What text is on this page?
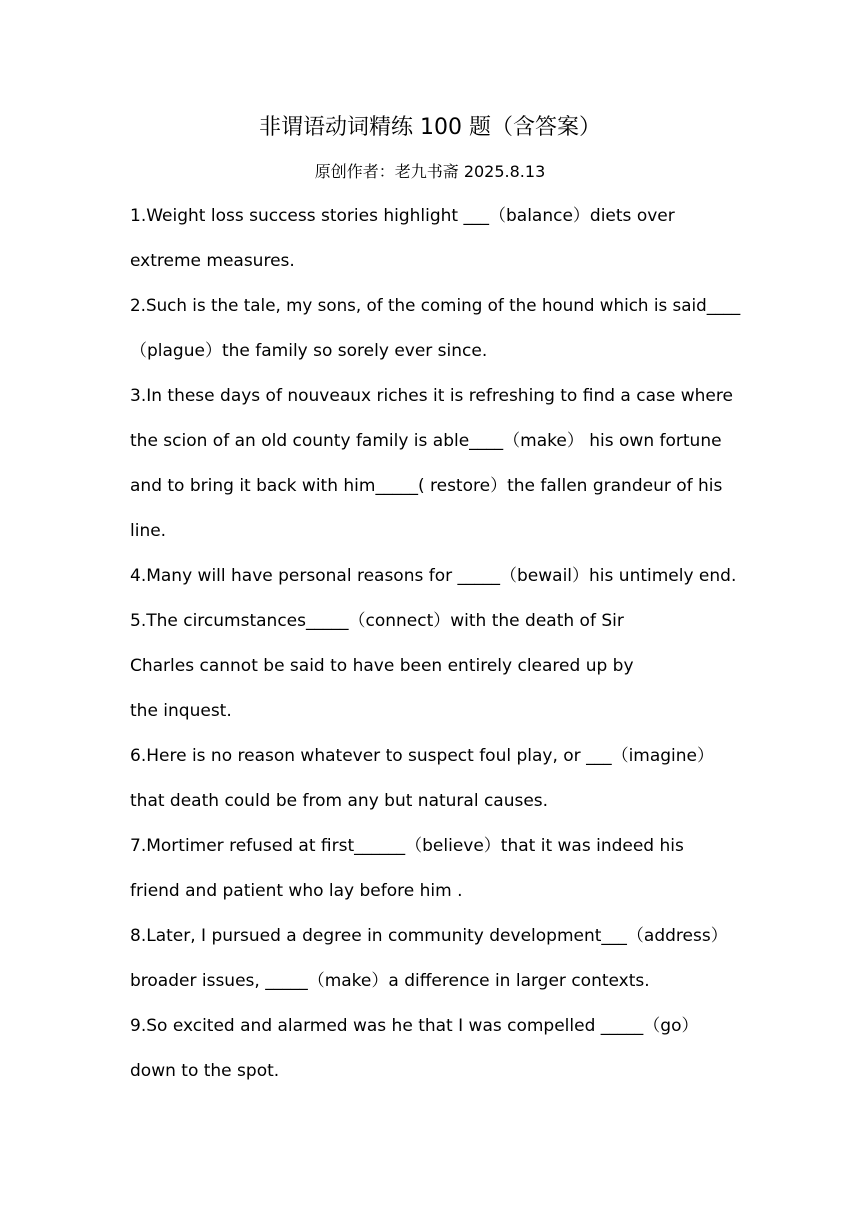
非谓语动词精练 100 题（含答案）
原创作者：老九书斋 2025.8.13
1.Weight loss success stories highlight ___（balance）diets over
extreme measures.
2.Such is the tale, my sons, of the coming of the hound which is said____
（plague）the family so sorely ever since.
3.In these days of nouveaux riches it is refreshing to find a case where
the scion of an old county family is able____（make） his own fortune
and to bring it back with him_____( restore）the fallen grandeur of his
line.
4.Many will have personal reasons for _____（bewail）his untimely end.
5.The circumstances_____（connect）with the death of Sir
Charles cannot be said to have been entirely cleared up by
the inquest.
6.Here is no reason whatever to suspect foul play, or ___（imagine）
that death could be from any but natural causes.
7.Mortimer refused at first______（believe）that it was indeed his
friend and patient who lay before him .
8.Later, I pursued a degree in community development___（address）
broader issues, _____（make）a difference in larger contexts.
9.So excited and alarmed was he that I was compelled _____（go）
down to the spot.
